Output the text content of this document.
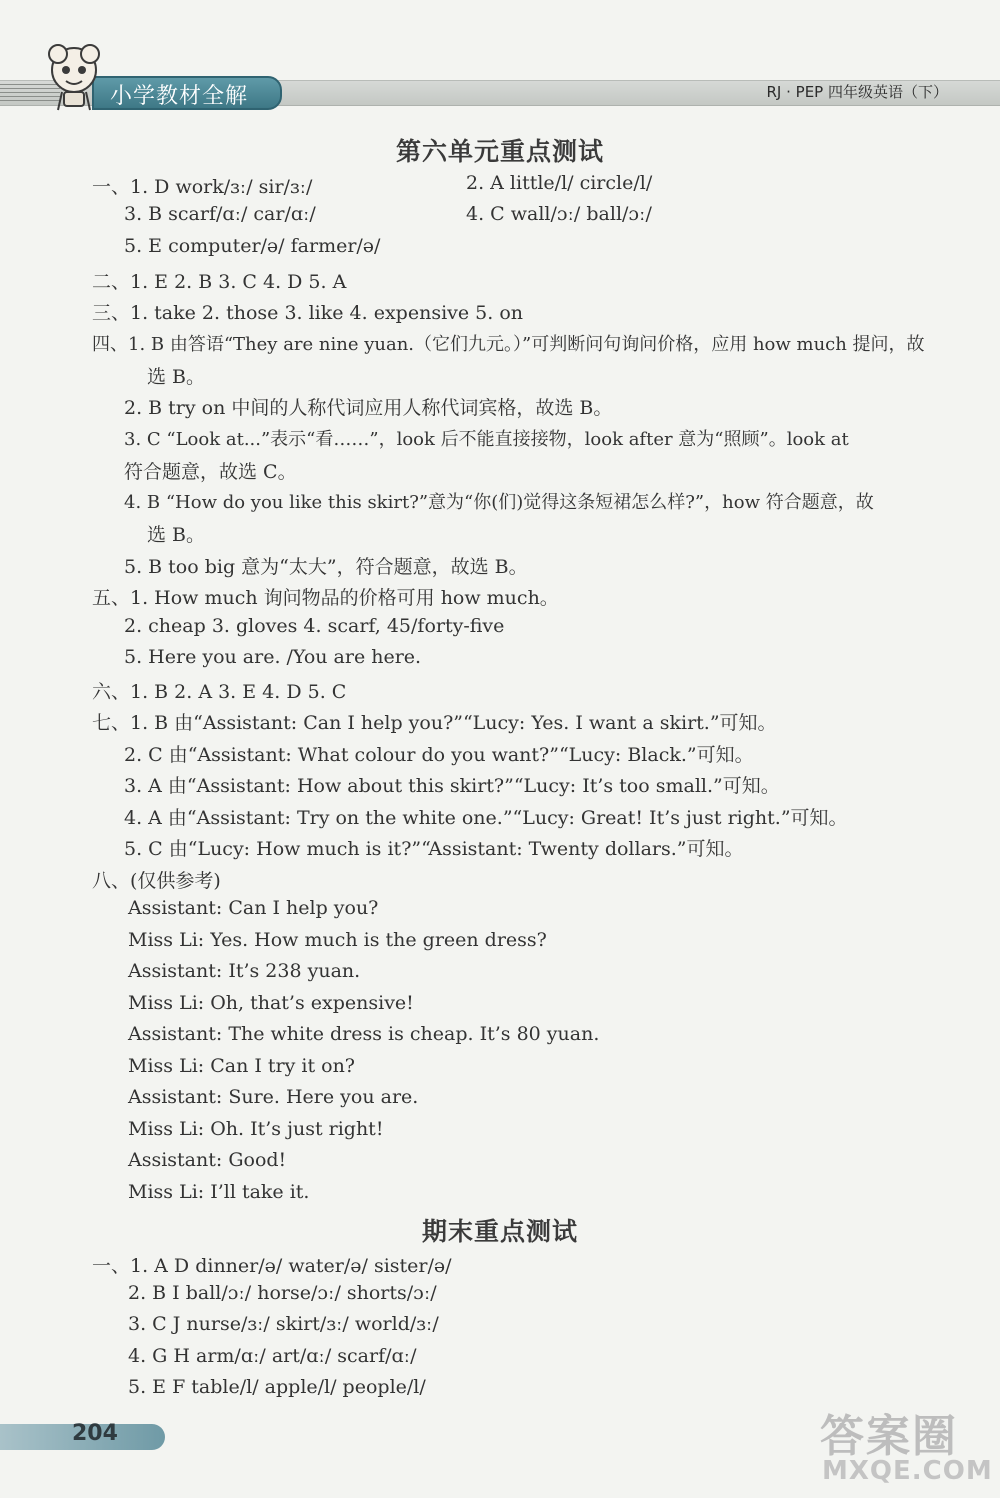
小学教材全解	RJ · PEP 四年级英语（下）
第六单元重点测试
一、1. D work/ɜː/ sir/ɜː/	2. A little/l/ circle/l/
3. B scarf/ɑː/ car/ɑː/	4. C wall/ɔː/ ball/ɔː/
5. E computer/ə/ farmer/ə/
二、1. E 2. B 3. C 4. D 5. A
三、1. take 2. those 3. like 4. expensive 5. on
四、1. B 由答语“They are nine yuan.（它们九元。）”可判断问句询问价格，应用 how much 提问，故
选 B。
2. B try on 中间的人称代词应用人称代词宾格，故选 B。
3. C “Look at...”表示“看……”，look 后不能直接接物，look after 意为“照顾”。look at
符合题意，故选 C。
4. B “How do you like this skirt?”意为“你(们)觉得这条短裙怎么样?”，how 符合题意，故
选 B。
5. B too big 意为“太大”，符合题意，故选 B。
五、1. How much 询问物品的价格可用 how much。
2. cheap 3. gloves 4. scarf, 45/forty-five
5. Here you are. /You are here.
六、1. B 2. A 3. E 4. D 5. C
七、1. B 由“Assistant: Can I help you?”“Lucy: Yes. I want a skirt.”可知。
2. C 由“Assistant: What colour do you want?”“Lucy: Black.”可知。
3. A 由“Assistant: How about this skirt?”“Lucy: It’s too small.”可知。
4. A 由“Assistant: Try on the white one.”“Lucy: Great! It’s just right.”可知。
5. C 由“Lucy: How much is it?”“Assistant: Twenty dollars.”可知。
八、(仅供参考)
Assistant: Can I help you?
Miss Li: Yes. How much is the green dress?
Assistant: It’s 238 yuan.
Miss Li: Oh, that’s expensive!
Assistant: The white dress is cheap. It’s 80 yuan.
Miss Li: Can I try it on?
Assistant: Sure. Here you are.
Miss Li: Oh. It’s just right!
Assistant: Good!
Miss Li: I’ll take it.
期末重点测试
一、1. A D dinner/ə/ water/ə/ sister/ə/
2. B I ball/ɔː/ horse/ɔː/ shorts/ɔː/
3. C J nurse/ɜː/ skirt/ɜː/ world/ɜː/
4. G H arm/ɑː/ art/ɑː/ scarf/ɑː/
5. E F table/l/ apple/l/ people/l/
204	答案圈
MXQE.COM
